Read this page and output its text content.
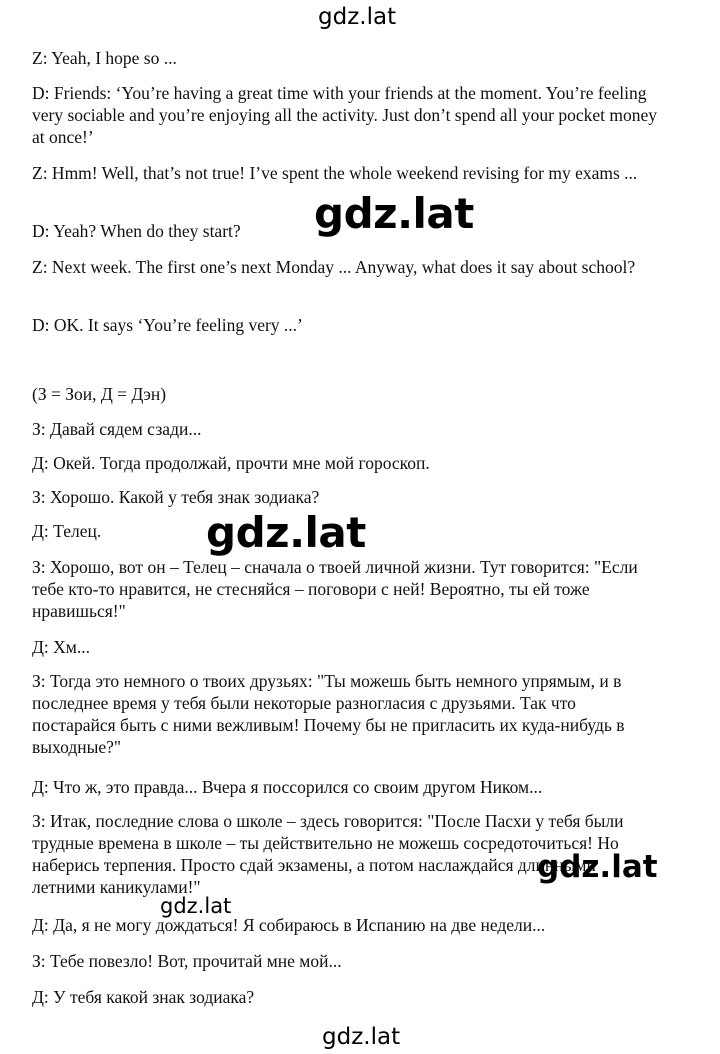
gdz.lat

Z: Yeah, I hope so ...

D: Friends: ‘You’re having a great time with your friends at the moment. You’re feeling very sociable and you’re enjoying all the activity. Just don’t spend all your pocket money at once!’

Z: Hmm! Well, that’s not true! I’ve spent the whole weekend revising for my exams ...

D: Yeah? When do they start?

Z: Next week. The first one’s next Monday ... Anyway, what does it say about school?

D: OK. It says ‘You’re feeling very ...’

gdz.lat

(З = Зои, Д = Дэн)

З: Давай сядем сзади...

Д: Окей. Тогда продолжай, прочти мне мой гороскоп.

З: Хорошо. Какой у тебя знак зодиака?

Д: Телец.

З: Хорошо, вот он – Телец – сначала о твоей личной жизни. Тут говорится: "Если тебе кто-то нравится, не стесняйся – поговори с ней! Вероятно, ты ей тоже нравишься!"

Д: Хм...

З: Тогда это немного о твоих друзьях: "Ты можешь быть немного упрямым, и в последнее время у тебя были некоторые разногласия с друзьями. Так что постарайся быть с ними вежливым! Почему бы не пригласить их куда-нибудь в выходные?"

Д: Что ж, это правда... Вчера я поссорился со своим другом Ником...

З: Итак, последние слова о школе – здесь говорится: "После Пасхи у тебя были трудные времена в школе – ты действительно не можешь сосредоточиться! Но наберись терпения. Просто сдай экзамены, а потом наслаждайся длинными летними каникулами!"

Д: Да, я не могу дождаться! Я собираюсь в Испанию на две недели...

З: Тебе повезло! Вот, прочитай мне мой...

Д: У тебя какой знак зодиака?

gdz.lat
gdz.lat
gdz.lat
gdz.lat
